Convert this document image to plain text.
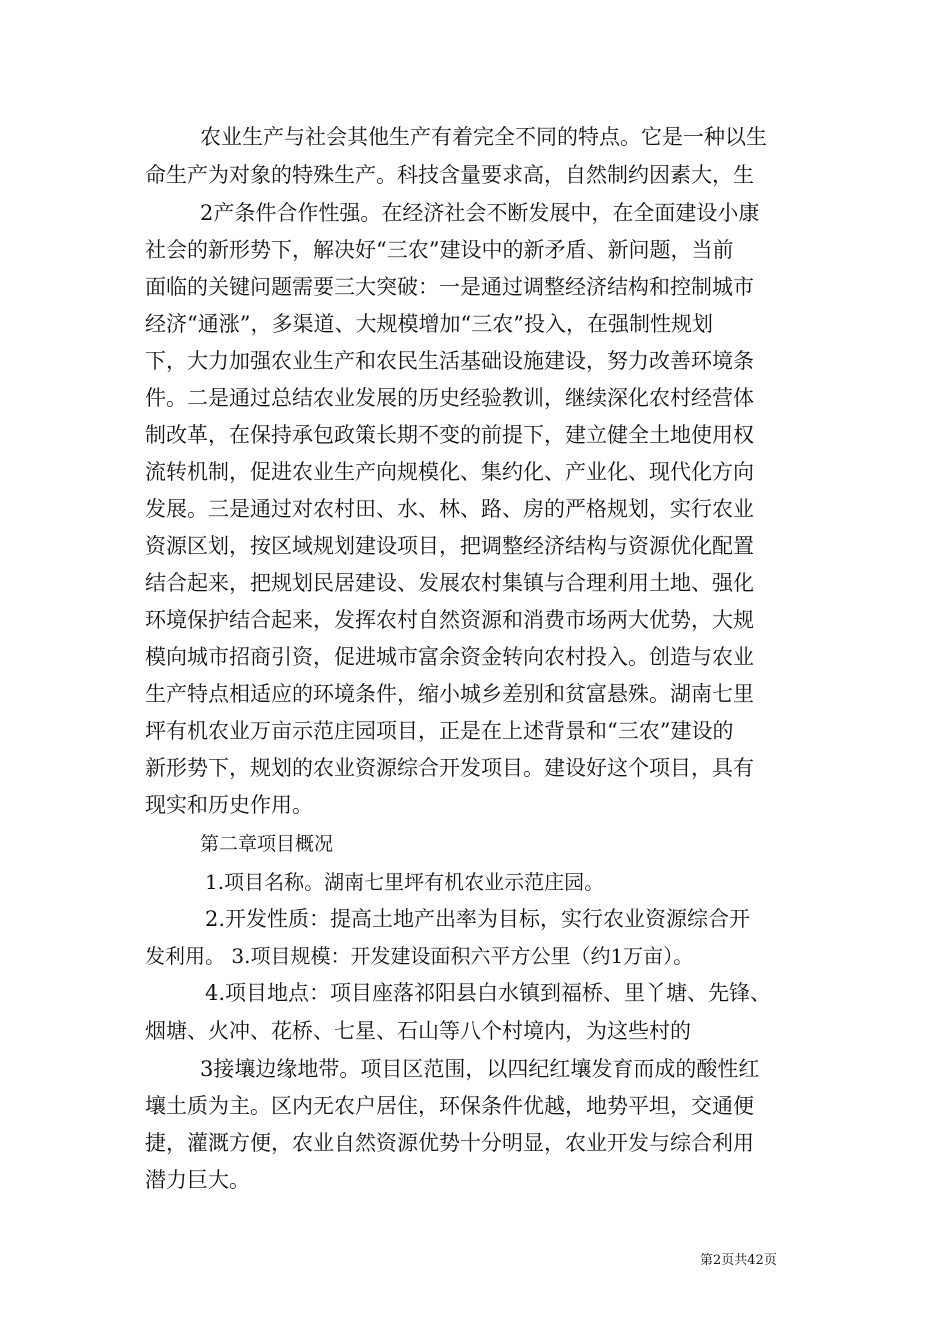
农业生产与社会其他生产有着完全不同的特点。它是一种以生
命生产为对象的特殊生产。科技含量要求高，自然制约因素大，生
2产条件合作性强。在经济社会不断发展中，在全面建设小康
社会的新形势下，解决好“三农”建设中的新矛盾、新问题，当前
面临的关键问题需要三大突破：一是通过调整经济结构和控制城市
经济“通涨”，多渠道、大规模增加“三农”投入，在强制性规划
下，大力加强农业生产和农民生活基础设施建设，努力改善环境条
件。二是通过总结农业发展的历史经验教训，继续深化农村经营体
制改革，在保持承包政策长期不变的前提下，建立健全土地使用权
流转机制，促进农业生产向规模化、集约化、产业化、现代化方向
发展。三是通过对农村田、水、林、路、房的严格规划，实行农业
资源区划，按区域规划建设项目，把调整经济结构与资源优化配置
结合起来，把规划民居建设、发展农村集镇与合理利用土地、强化
环境保护结合起来，发挥农村自然资源和消费市场两大优势，大规
模向城市招商引资，促进城市富余资金转向农村投入。创造与农业
生产特点相适应的环境条件，缩小城乡差别和贫富悬殊。湖南七里
坪有机农业万亩示范庄园项目，正是在上述背景和“三农”建设的
新形势下，规划的农业资源综合开发项目。建设好这个项目，具有
现实和历史作用。
第二章项目概况
1.项目名称。湖南七里坪有机农业示范庄园。
2.开发性质：提高土地产出率为目标，实行农业资源综合开
发利用。 3.项目规模：开发建设面积六平方公里（约1万亩）。
4.项目地点：项目座落祁阳县白水镇到福桥、里丫塘、先锋、
烟塘、火冲、花桥、七星、石山等八个村境内，为这些村的
3接壤边缘地带。项目区范围，以四纪红壤发育而成的酸性红
壤土质为主。区内无农户居住，环保条件优越，地势平坦，交通便
捷，灌溉方便，农业自然资源优势十分明显，农业开发与综合利用
潜力巨大。
第2页共42页
